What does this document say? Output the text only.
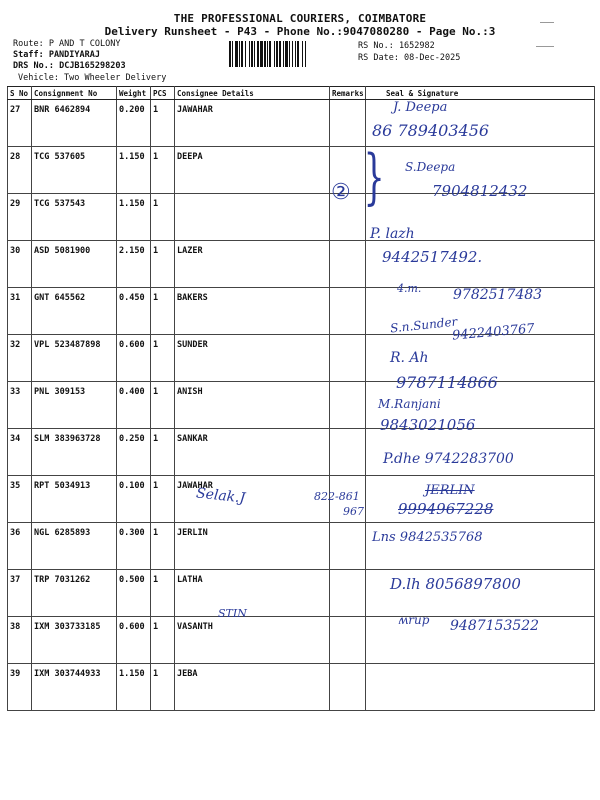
THE PROFESSIONAL COURIERS, COIMBATORE
Delivery Runsheet - P43 - Phone No.:9047080280 - Page No.:3
Route: P AND T COLONY
Staff: PANDIYARAJ
DRS No.: DCJB165298203
Vehicle: Two Wheeler Delivery
RS No.: 1652982
RS Date: 08-Dec-2025
S No	Consignment No	Weight	PCS	Consignee Details	Remarks	Seal & Signature
27	BNR 6462894	0.200	1	JAWAHAR		
28	TCG 537605	1.150	1	DEEPA		
29	TCG 537543	1.150	1			
30	ASD 5081900	2.150	1	LAZER		
31	GNT 645562	0.450	1	BAKERS		
32	VPL 523487898	0.600	1	SUNDER		
33	PNL 309153	0.400	1	ANISH		
34	SLM 383963728	0.250	1	SANKAR		
35	RPT 5034913	0.100	1	JAWAHAR		
36	NGL 6285893	0.300	1	JERLIN		
37	TRP 7031262	0.500	1	LATHA		
38	IXM 303733185	0.600	1	VASANTH		
39	IXM 303744933	1.150	1	JEBA		
J. Deepa
86 789403456
} S.Deepa
7904812432
②
P. lazh
9442517492.
4.m. 9782517483
S.n.Sunder
9422403767
R. Ah
9787114866
M.Ranjani
9843021056
P.dhe 9742283700
Selak.J	822-861
967
JERLIN
9994967228
Lns 9842535768
D.lh 8056897800
ʍrup 9487153522
STIN
